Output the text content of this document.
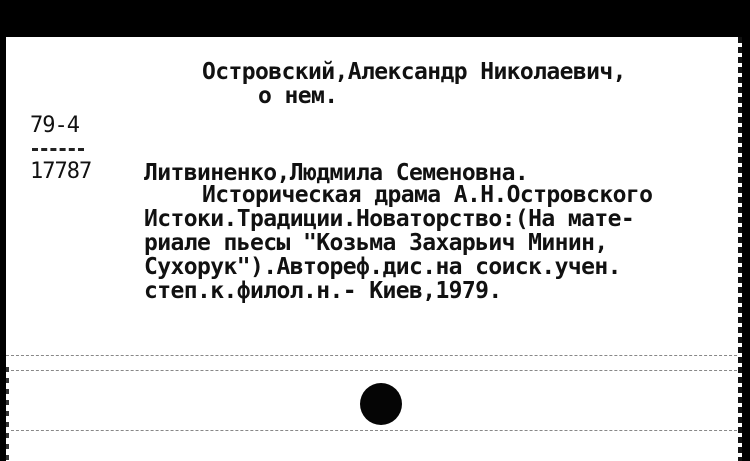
Островский,Александр Николаевич,
о нем.
79-4
17787 Литвиненко,Людмила Семеновна.
Историческая драма А.Н.Островского
Истоки.Традиции.Новаторство:(На мате-
риале пьесы "Козьма Захарьич Минин,
Сухорук").Автореф.дис.на соиск.учен.
степ.к.филол.н.- Киев,1979.
